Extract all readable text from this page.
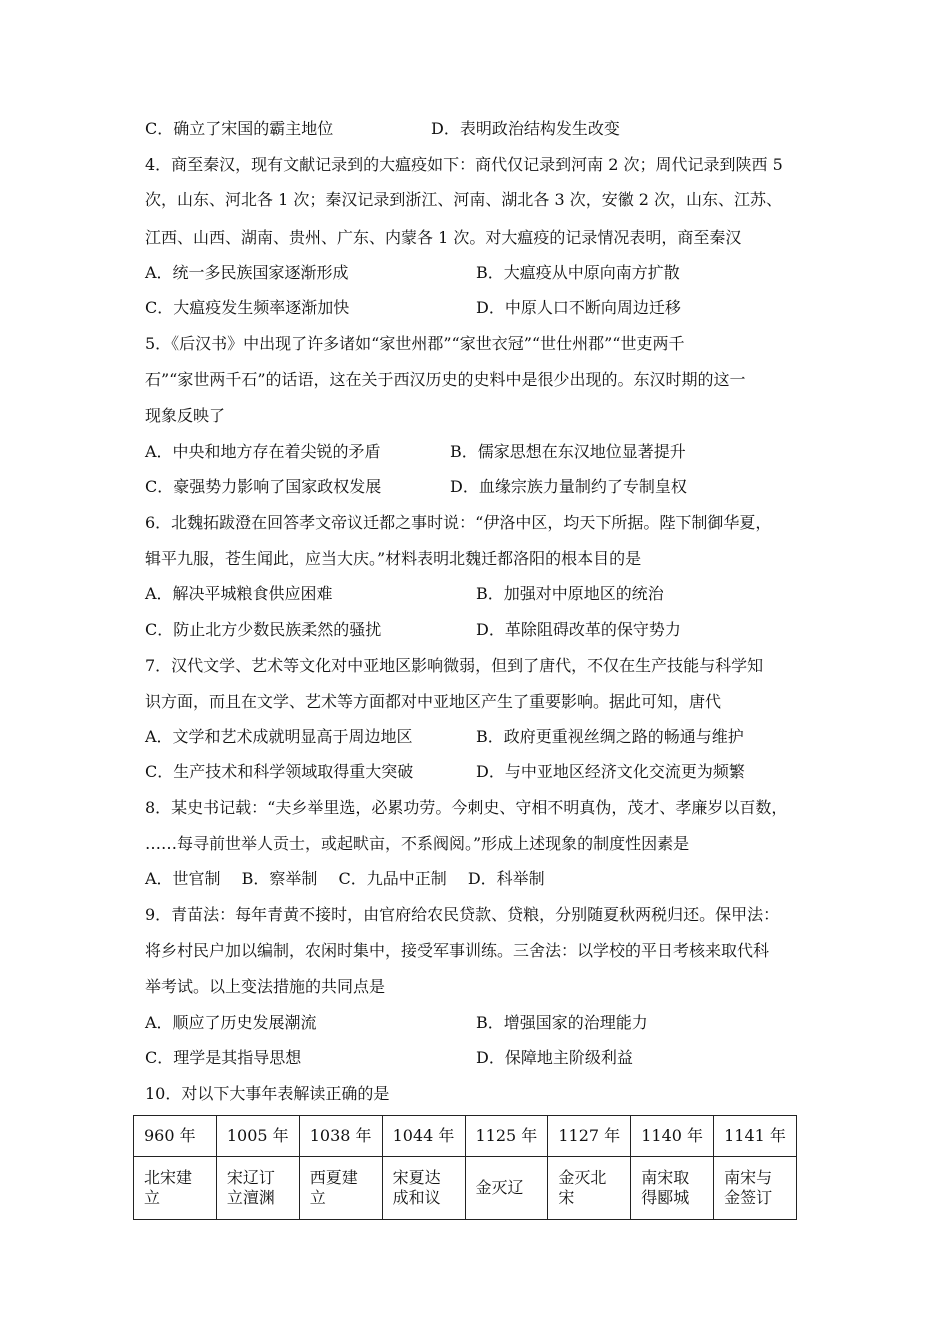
C．确立了宋国的霸主地位	D．表明政治结构发生改变
4．商至秦汉，现有文献记录到的大瘟疫如下：商代仅记录到河南 2 次；周代记录到陕西 5
次，山东、河北各 1 次；秦汉记录到浙江、河南、湖北各 3 次，安徽 2 次，山东、江苏、
江西、山西、湖南、贵州、广东、内蒙各 1 次。对大瘟疫的记录情况表明，商至秦汉
A．统一多民族国家逐渐形成	B．大瘟疫从中原向南方扩散
C．大瘟疫发生频率逐渐加快	D．中原人口不断向周边迁移
5．《后汉书》中出现了许多诸如“家世州郡”“家世衣冠”“世仕州郡”“世吏两千
石”“家世两千石”的话语，这在关于西汉历史的史料中是很少出现的。东汉时期的这一
现象反映了
A．中央和地方存在着尖锐的矛盾	B．儒家思想在东汉地位显著提升
C．豪强势力影响了国家政权发展	D．血缘宗族力量制约了专制皇权
6．北魏拓跋澄在回答孝文帝议迁都之事时说：“伊洛中区，均天下所据。陛下制御华夏，
辑平九服，苍生闻此，应当大庆。”材料表明北魏迁都洛阳的根本目的是
A．解决平城粮食供应困难	B．加强对中原地区的统治
C．防止北方少数民族柔然的骚扰	D．革除阻碍改革的保守势力
7．汉代文学、艺术等文化对中亚地区影响微弱，但到了唐代，不仅在生产技能与科学知
识方面，而且在文学、艺术等方面都对中亚地区产生了重要影响。据此可知，唐代
A．文学和艺术成就明显高于周边地区	B．政府更重视丝绸之路的畅通与维护
C．生产技术和科学领域取得重大突破	D．与中亚地区经济文化交流更为频繁
8．某史书记载：“夫乡举里选，必累功劳。今刺史、守相不明真伪，茂才、孝廉岁以百数，
……每寻前世举人贡士，或起畎亩，不系阀阅。”形成上述现象的制度性因素是
A．世官制　 B．察举制　 C．九品中正制　 D．科举制
9．青苗法：每年青黄不接时，由官府给农民贷款、贷粮，分别随夏秋两税归还。保甲法：
将乡村民户加以编制，农闲时集中，接受军事训练。三舍法：以学校的平日考核来取代科
举考试。以上变法措施的共同点是
A．顺应了历史发展潮流	B．增强国家的治理能力
C．理学是其指导思想	D．保障地主阶级利益
10．对以下大事年表解读正确的是
960 年	1005 年	1038 年	1044 年	1125 年	1127 年	1140 年	1141 年
北宋建立	宋辽订立澶渊	西夏建立	宋夏达成和议	金灭辽	金灭北宋	南宋取得郾城	南宋与金签订
